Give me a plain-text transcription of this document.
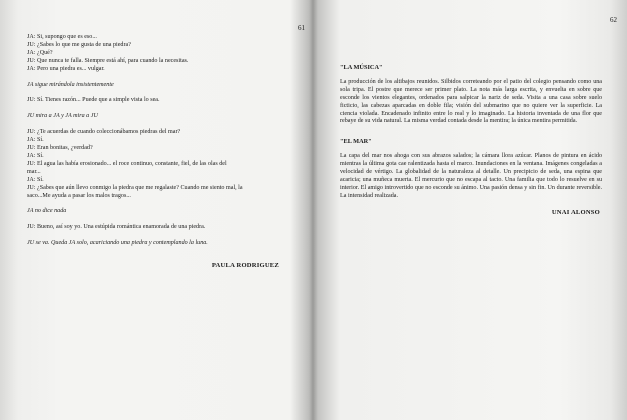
61
JA: Si, supongo que es eso...
JU: ¿Sabes lo que me gusta de una piedra?
JA: ¿Qué?
JU: Que nunca te falla. Siempre está ahí, para cuando la necesitas.
JA: Pero una piedra es... vulgar.
JA sigue mirándola insistentemente
JU: Sí. Tienes razón... Puede que a simple vista lo sea.
JU mira a JA y JA mira a JU
JU: ¿Te acuerdas de cuando coleccionábamos piedras del mar?
JA: Sí.
JU: Eran bonitas, ¿verdad?
JA: Sí.
JU: El agua las había erosionado... el roce continuo, constante, fiel, de las olas del
mar...
JA: Sí.
JU: ¿Sabes que aún llevo conmigo la piedra que me regalaste? Cuando me siento mal, la
saco...Me ayuda a pasar los malos tragos...
JA no dice nada
JU: Bueno, así soy yo. Una estúpida romántica enamorada de una piedra.
JU se va. Queda JA solo, acariciando una piedra y contemplando la luna.
PAULA RODRIGUEZ
62
"LA MÚSICA"
La producción de los altibajos reunidos. Silbidos correteando por el patio del colegio pensando como una sola tripa. El postre que merece ser primer plato. La nota más larga escrita, y envuelta en sobre que esconde los vientos elegantes, ordenados para salpicar la nariz de seda. Visita a una casa sobre suelo ficticio, las cabezas aparcadas en doble fila; visión del submarino que no quiere ver la superficie. La ciencia violada. Encadenado infinito entre lo real y lo imaginado. La historia inventada de una flor que rebaye de su vida natural. La misma verdad contada desde la mentira; la única mentira permitida.
"EL MAR"
La capa del mar nos ahoga con sus abrazos salados; la cámara llora azúcar. Planos de pintura en ácido mientras la última gota cae ralentizada hasta el marco. Inundaciones en la ventana. Imágenes congeladas a velocidad de vértigo. La globalidad de la naturaleza al detalle. Un precipicio de seda, una espina que acaricia; una muñeca muerta. El mercurio que no escapa al tacto. Una familia que todo lo resuelve en su interior. El amigo introvertido que no esconde su ánimo. Una pasión densa y sin fin. Un durante reversible. La intensidad realizada.
UNAI ALONSO
